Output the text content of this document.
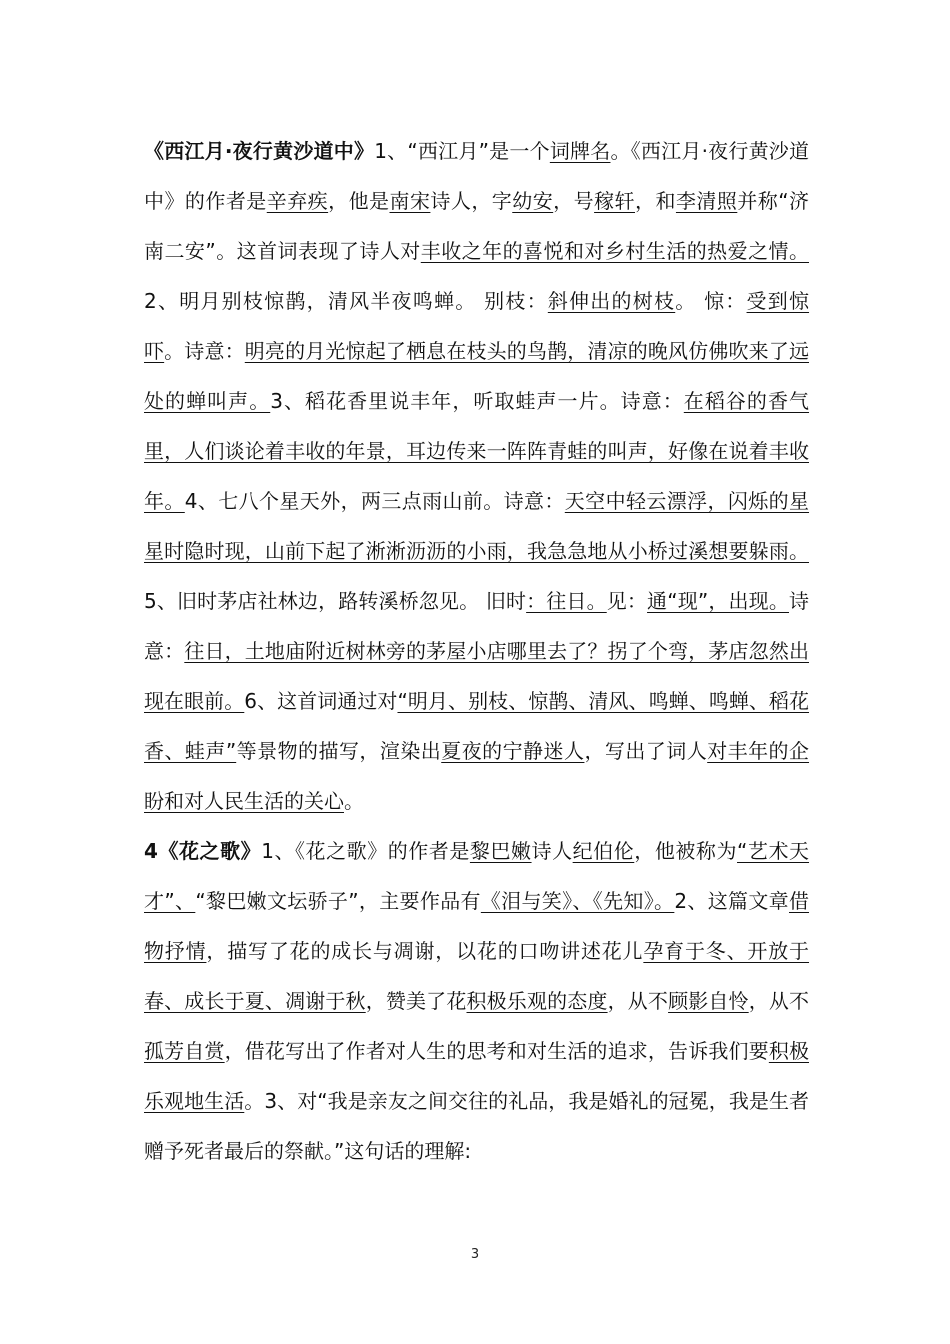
《西江月·夜行黄沙道中》1、“西江月”是一个词牌名。《西江月·夜行黄沙道中》的作者是辛弃疾，他是南宋诗人，字幼安，号稼轩，和李清照并称“济南二安”。这首词表现了诗人对丰收之年的喜悦和对乡村生活的热爱之情。2、明月别枝惊鹊，清风半夜鸣蝉。 别枝：斜伸出的树枝。 惊：受到惊吓。诗意：明亮的月光惊起了栖息在枝头的鸟鹊，清凉的晚风仿佛吹来了远处的蝉叫声。3、稻花香里说丰年，听取蛙声一片。诗意：在稻谷的香气里，人们谈论着丰收的年景，耳边传来一阵阵青蛙的叫声，好像在说着丰收年。4、七八个星天外，两三点雨山前。诗意：天空中轻云漂浮，闪烁的星星时隐时现，山前下起了淅淅沥沥的小雨，我急急地从小桥过溪想要躲雨。5、旧时茅店社林边，路转溪桥忽见。 旧时：往日。见：通“现”，出现。诗意：往日，土地庙附近树林旁的茅屋小店哪里去了？拐了个弯，茅店忽然出现在眼前。6、这首词通过对“明月、别枝、惊鹊、清风、鸣蝉、鸣蝉、稻花香、蛙声”等景物的描写，渲染出夏夜的宁静迷人，写出了词人对丰年的企盼和对人民生活的关心。

4《花之歌》1、《花之歌》的作者是黎巴嫩诗人纪伯伦，他被称为“艺术天才”、“黎巴嫩文坛骄子”，主要作品有《泪与笑》、《先知》。2、这篇文章借物抒情，描写了花的成长与凋谢，以花的口吻讲述花儿孕育于冬、开放于春、成长于夏、凋谢于秋，赞美了花积极乐观的态度，从不顾影自怜，从不孤芳自赏，借花写出了作者对人生的思考和对生活的追求，告诉我们要积极乐观地生活。3、对“我是亲友之间交往的礼品，我是婚礼的冠冕，我是生者赠予死者最后的祭献。”这句话的理解:

3
